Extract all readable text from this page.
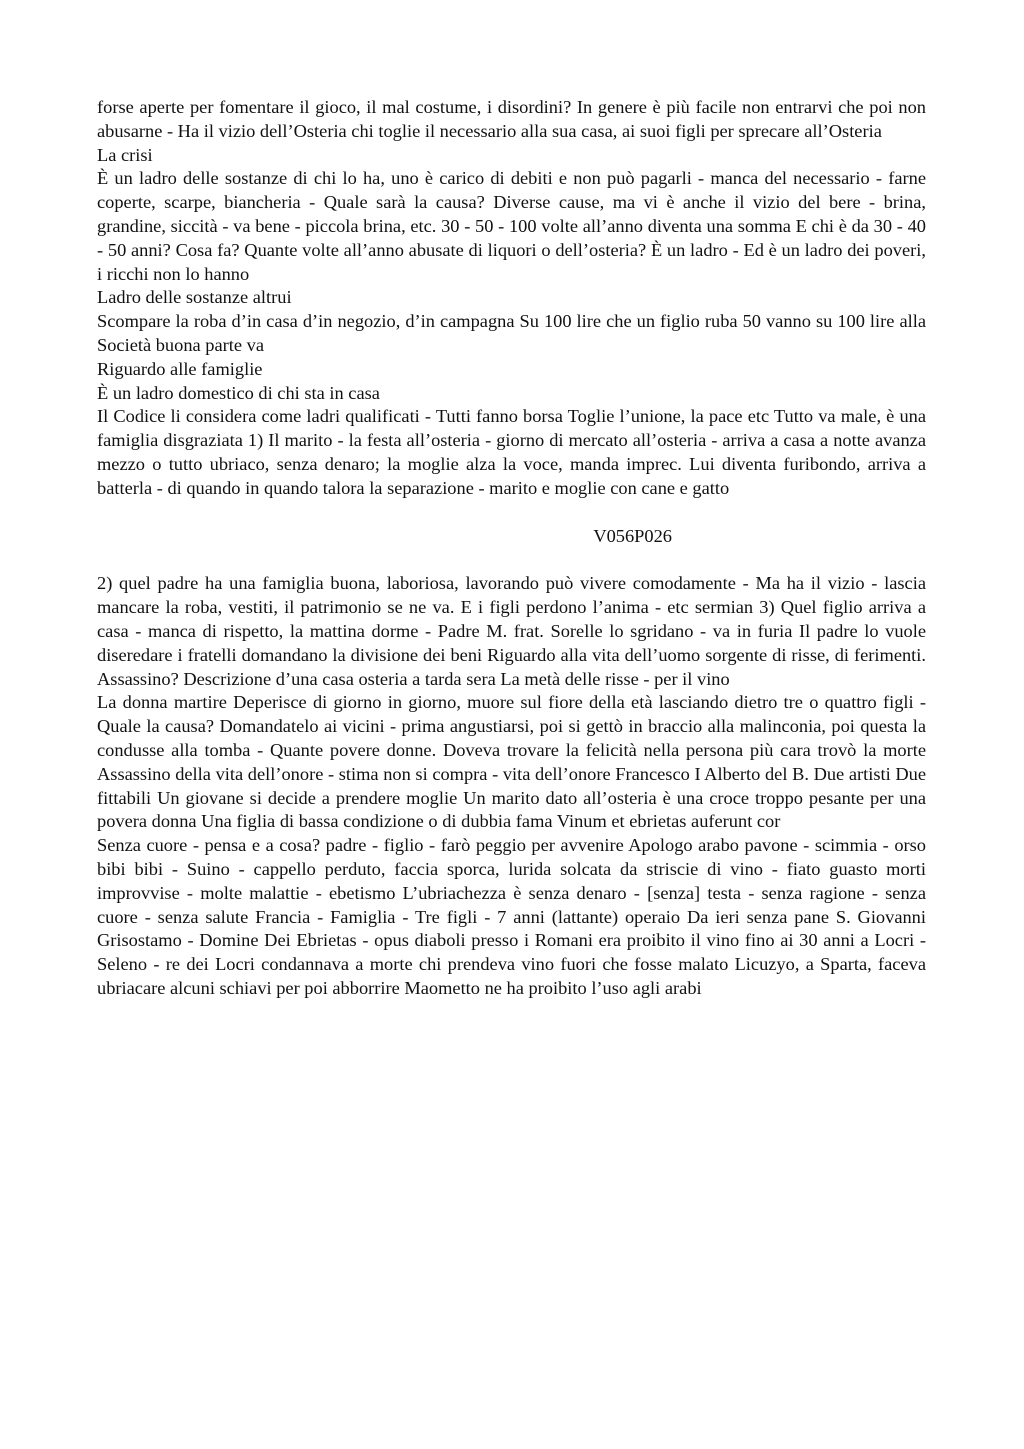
forse aperte per fomentare il gioco, il mal costume, i disordini? In genere è più facile non entrarvi che poi non abusarne - Ha il vizio dell’Osteria chi toglie il necessario alla sua casa, ai suoi figli per sprecare all’Osteria

La crisi

È un ladro delle sostanze di chi lo ha, uno è carico di debiti e non può pagarli - manca del necessario - farne coperte, scarpe, biancheria - Quale sarà la causa? Diverse cause, ma vi è anche il vizio del bere - brina, grandine, siccità - va bene - piccola brina, etc. 30 - 50 - 100 volte all’anno diventa una somma E chi è da 30 - 40 - 50 anni? Cosa fa? Quante volte all’anno abusate di liquori o dell’osteria? È un ladro - Ed è un ladro dei poveri, i ricchi non lo hanno

Ladro delle sostanze altrui

Scompare la roba d’in casa d’in negozio, d’in campagna Su 100 lire che un figlio ruba 50 vanno su 100 lire alla Società buona parte va

Riguardo alle famiglie

È un ladro domestico di chi sta in casa

Il Codice li considera come ladri qualificati - Tutti fanno borsa Toglie l’unione, la pace etc Tutto va male, è una famiglia disgraziata 1) Il marito - la festa all’osteria - giorno di mercato all’osteria - arriva a casa a notte avanza mezzo o tutto ubriaco, senza denaro; la moglie alza la voce, manda imprec. Lui diventa furibondo, arriva a batterla - di quando in quando talora la separazione - marito e moglie con cane e gatto

V056P026

2) quel padre ha una famiglia buona, laboriosa, lavorando può vivere comodamente - Ma ha il vizio - lascia mancare la roba, vestiti, il patrimonio se ne va. E i figli perdono l’anima - etc sermian 3) Quel figlio arriva a casa - manca di rispetto, la mattina dorme - Padre M. frat. Sorelle lo sgridano - va in furia Il padre lo vuole diseredare i fratelli domandano la divisione dei beni Riguardo alla vita dell’uomo sorgente di risse, di ferimenti. Assassino? Descrizione d’una casa osteria a tarda sera La metà delle risse - per il vino

La donna martire Deperisce di giorno in giorno, muore sul fiore della età lasciando dietro tre o quattro figli - Quale la causa? Domandatelo ai vicini - prima angustiarsi, poi si gettò in braccio alla malinconia, poi questa la condusse alla tomba - Quante povere donne. Doveva trovare la felicità nella persona più cara trovò la morte Assassino della vita dell’onore - stima non si compra - vita dell’onore Francesco I Alberto del B. Due artisti Due fittabili Un giovane si decide a prendere moglie Un marito dato all’osteria è una croce troppo pesante per una povera donna Una figlia di bassa condizione o di dubbia fama Vinum et ebrietas auferunt cor

Senza cuore - pensa e a cosa? padre - figlio - farò peggio per avvenire Apologo arabo pavone - scimmia - orso bibi bibi - Suino - cappello perduto, faccia sporca, lurida solcata da striscie di vino - fiato guasto morti improvvise - molte malattie - ebetismo L’ubriachezza è senza denaro - [senza] testa - senza ragione - senza cuore - senza salute Francia - Famiglia - Tre figli - 7 anni (lattante) operaio Da ieri senza pane S. Giovanni Grisostamo - Domine Dei Ebrietas - opus diaboli presso i Romani era proibito il vino fino ai 30 anni a Locri - Seleno - re dei Locri condannava a morte chi prendeva vino fuori che fosse malato Licuzyo, a Sparta, faceva ubriacare alcuni schiavi per poi abborrire Maometto ne ha proibito l’uso agli arabi
